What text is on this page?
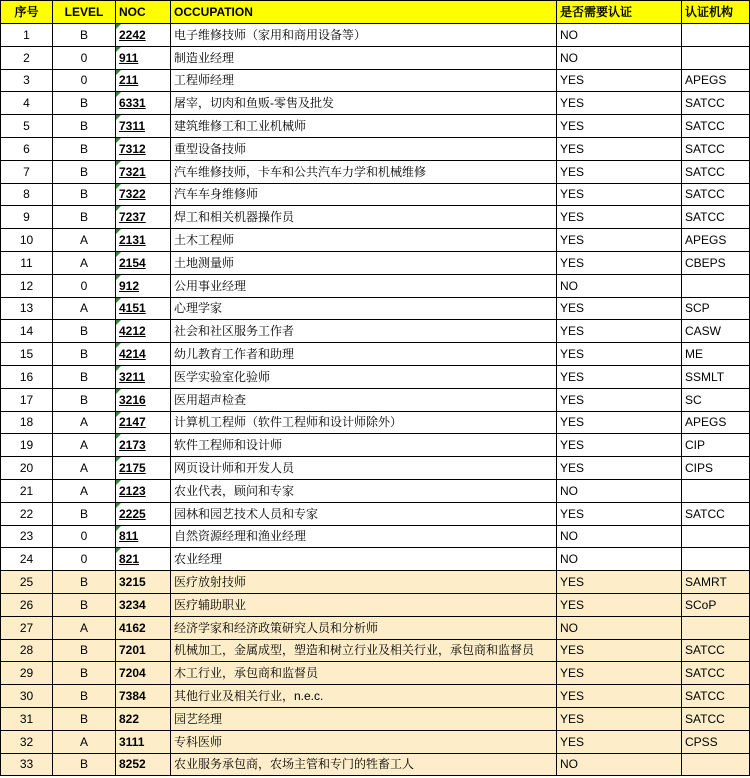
序号	LEVEL	NOC	OCCUPATION	是否需要认证	认证机构
1	B	2242	电子维修技师（家用和商用设备等）	NO	
2	0	911	制造业经理	NO	
3	0	211	工程师经理	YES	APEGS
4	B	6331	屠宰，切肉和鱼贩-零售及批发	YES	SATCC
5	B	7311	建筑维修工和工业机械师	YES	SATCC
6	B	7312	重型设备技师	YES	SATCC
7	B	7321	汽车维修技师，卡车和公共汽车力学和机械维修	YES	SATCC
8	B	7322	汽车车身维修师	YES	SATCC
9	B	7237	焊工和相关机器操作员	YES	SATCC
10	A	2131	土木工程师	YES	APEGS
11	A	2154	土地测量师	YES	CBEPS
12	0	912	公用事业经理	NO	
13	A	4151	心理学家	YES	SCP
14	B	4212	社会和社区服务工作者	YES	CASW
15	B	4214	幼儿教育工作者和助理	YES	ME
16	B	3211	医学实验室化验师	YES	SSMLT
17	B	3216	医用超声检查	YES	SC
18	A	2147	计算机工程师（软件工程师和设计师除外）	YES	APEGS
19	A	2173	软件工程师和设计师	YES	CIP
20	A	2175	网页设计师和开发人员	YES	CIPS
21	A	2123	农业代表，顾问和专家	NO	
22	B	2225	园林和园艺技术人员和专家	YES	SATCC
23	0	811	自然资源经理和渔业经理	NO	
24	0	821	农业经理	NO	
25	B	3215	医疗放射技师	YES	SAMRT
26	B	3234	医疗辅助职业	YES	SCoP
27	A	4162	经济学家和经济政策研究人员和分析师	NO	
28	B	7201	机械加工，金属成型，塑造和树立行业及相关行业，承包商和监督员	YES	SATCC
29	B	7204	木工行业，承包商和监督员	YES	SATCC
30	B	7384	其他行业及相关行业，n.e.c.	YES	SATCC
31	B	822	园艺经理	YES	SATCC
32	A	3111	专科医师	YES	CPSS
33	B	8252	农业服务承包商，农场主管和专门的牲畜工人	NO	
